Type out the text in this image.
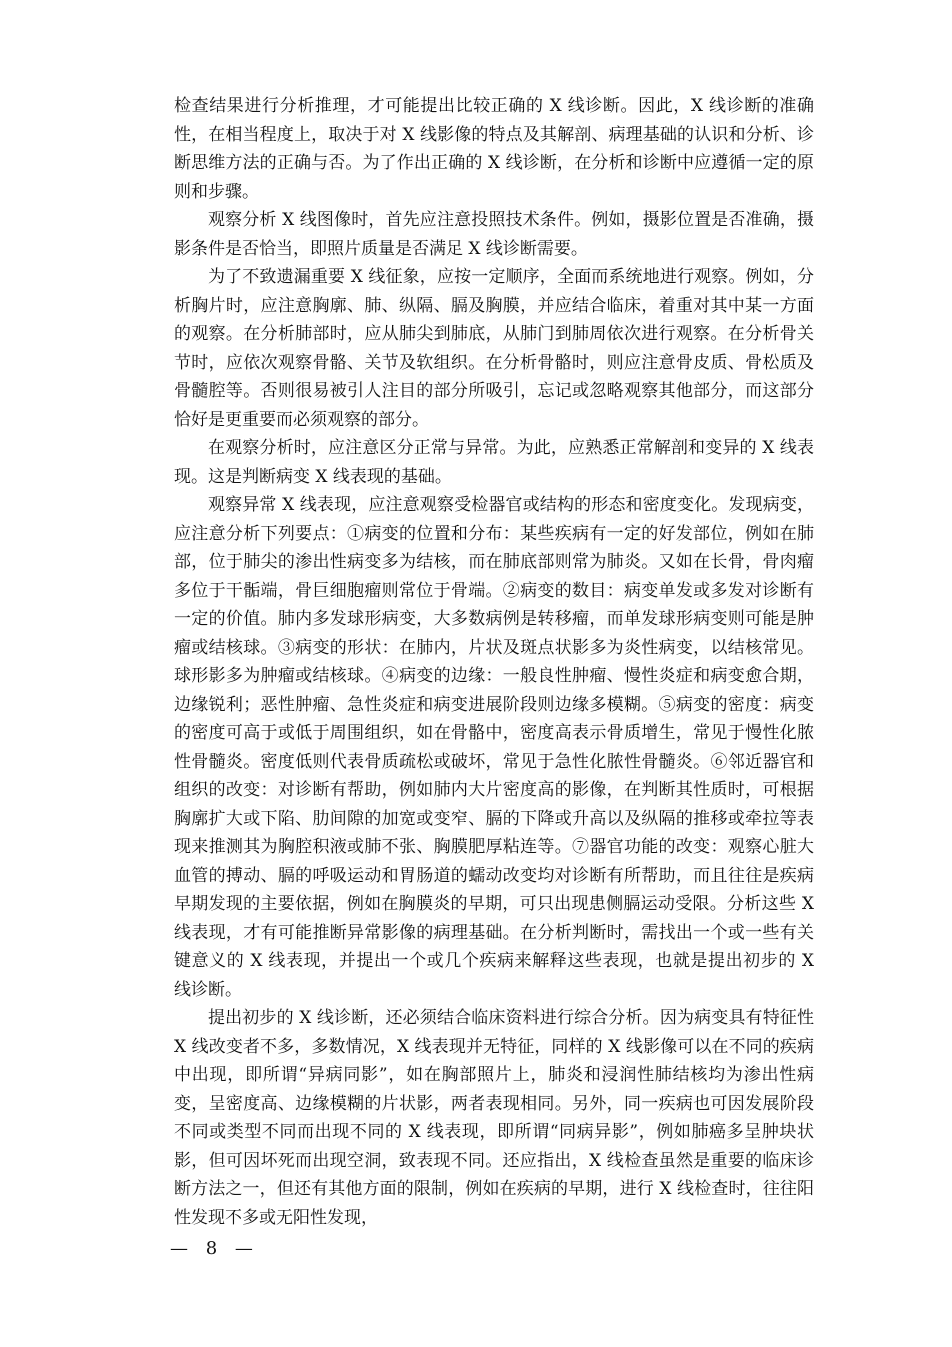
检查结果进行分析推理，才可能提出比较正确的 X 线诊断。因此，X 线诊断的准确性，在相当程度上，取决于对 X 线影像的特点及其解剖、病理基础的认识和分析、诊断思维方法的正确与否。为了作出正确的 X 线诊断，在分析和诊断中应遵循一定的原则和步骤。

观察分析 X 线图像时，首先应注意投照技术条件。例如，摄影位置是否准确，摄影条件是否恰当，即照片质量是否满足 X 线诊断需要。

为了不致遗漏重要 X 线征象，应按一定顺序，全面而系统地进行观察。例如，分析胸片时，应注意胸廓、肺、纵隔、膈及胸膜，并应结合临床，着重对其中某一方面的观察。在分析肺部时，应从肺尖到肺底，从肺门到肺周依次进行观察。在分析骨关节时，应依次观察骨骼、关节及软组织。在分析骨骼时，则应注意骨皮质、骨松质及骨髓腔等。否则很易被引人注目的部分所吸引，忘记或忽略观察其他部分，而这部分恰好是更重要而必须观察的部分。

在观察分析时，应注意区分正常与异常。为此，应熟悉正常解剖和变异的 X 线表现。这是判断病变 X 线表现的基础。

观察异常 X 线表现，应注意观察受检器官或结构的形态和密度变化。发现病变，应注意分析下列要点：①病变的位置和分布：某些疾病有一定的好发部位，例如在肺部，位于肺尖的渗出性病变多为结核，而在肺底部则常为肺炎。又如在长骨，骨肉瘤多位于干骺端，骨巨细胞瘤则常位于骨端。②病变的数目：病变单发或多发对诊断有一定的价值。肺内多发球形病变，大多数病例是转移瘤，而单发球形病变则可能是肿瘤或结核球。③病变的形状：在肺内，片状及斑点状影多为炎性病变，以结核常见。球形影多为肿瘤或结核球。④病变的边缘：一般良性肿瘤、慢性炎症和病变愈合期，边缘锐利；恶性肿瘤、急性炎症和病变进展阶段则边缘多模糊。⑤病变的密度：病变的密度可高于或低于周围组织，如在骨骼中，密度高表示骨质增生，常见于慢性化脓性骨髓炎。密度低则代表骨质疏松或破坏，常见于急性化脓性骨髓炎。⑥邻近器官和组织的改变：对诊断有帮助，例如肺内大片密度高的影像，在判断其性质时，可根据胸廓扩大或下陷、肋间隙的加宽或变窄、膈的下降或升高以及纵隔的推移或牵拉等表现来推测其为胸腔积液或肺不张、胸膜肥厚粘连等。⑦器官功能的改变：观察心脏大血管的搏动、膈的呼吸运动和胃肠道的蠕动改变均对诊断有所帮助，而且往往是疾病早期发现的主要依据，例如在胸膜炎的早期，可只出现患侧膈运动受限。分析这些 X 线表现，才有可能推断异常影像的病理基础。在分析判断时，需找出一个或一些有关键意义的 X 线表现，并提出一个或几个疾病来解释这些表现，也就是提出初步的 X 线诊断。

提出初步的 X 线诊断，还必须结合临床资料进行综合分析。因为病变具有特征性 X 线改变者不多，多数情况，X 线表现并无特征，同样的 X 线影像可以在不同的疾病中出现，即所谓“异病同影”，如在胸部照片上，肺炎和浸润性肺结核均为渗出性病变，呈密度高、边缘模糊的片状影，两者表现相同。另外，同一疾病也可因发展阶段不同或类型不同而出现不同的 X 线表现，即所谓“同病异影”，例如肺癌多呈肿块状影，但可因坏死而出现空洞，致表现不同。还应指出，X 线检查虽然是重要的临床诊断方法之一，但还有其他方面的限制，例如在疾病的早期，进行 X 线检查时，往往阳性发现不多或无阳性发现，

— 8 —
